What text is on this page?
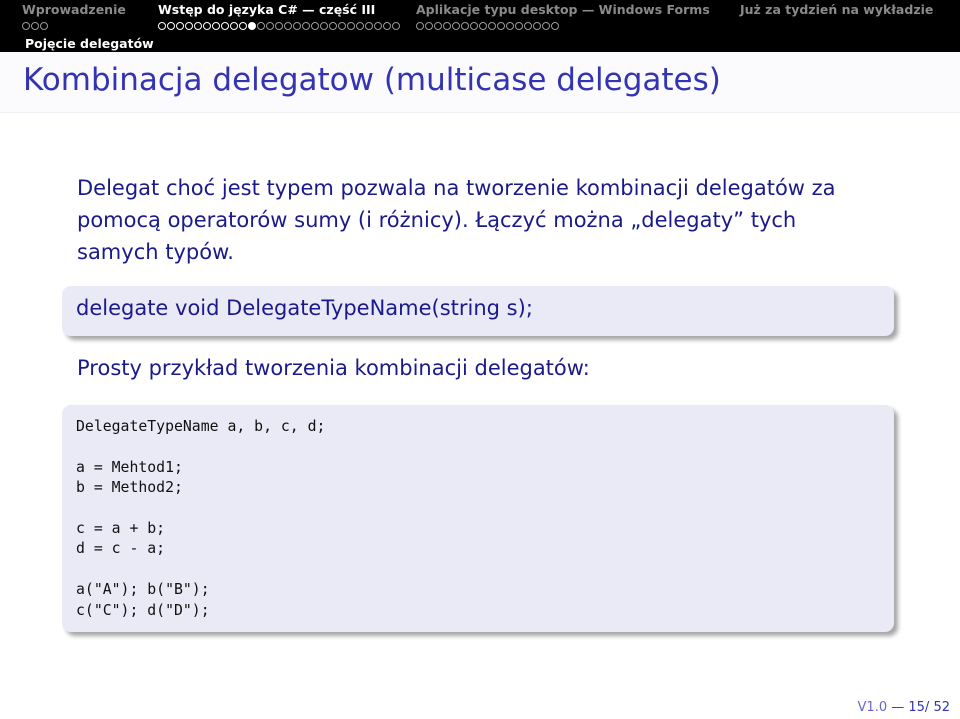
Wprowadzenie	Wstęp do języka C# — część III	Aplikacje typu desktop — Windows Forms Już za tydzień na wykładzie
Pojęcie delegatów
Kombinacja delegatow (multicase delegates)
Delegat choć jest typem pozwala na tworzenie kombinacji delegatów za pomocą operatorów sumy (i różnicy). Łączyć można „delegaty” tych samych typów.
delegate void DelegateTypeName(string s);
Prosty przykład tworzenia kombinacji delegatów:
DelegateTypeName a, b, c, d;

a = Mehtod1;
b = Method2;

c = a + b;
d = c - a;

a("A"); b("B");
c("C"); d("D");
V1.0 — 15/ 52
